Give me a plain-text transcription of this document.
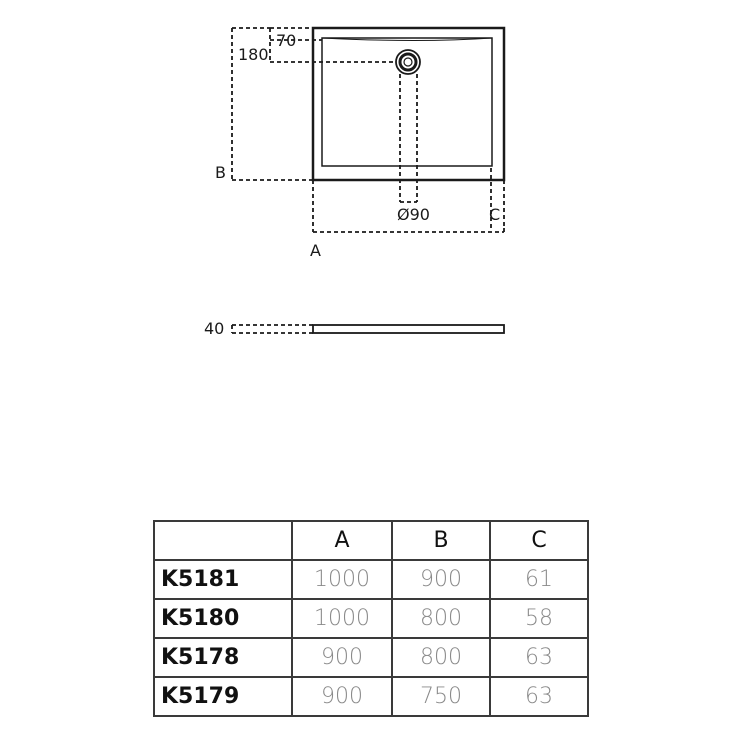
70
180
B
Ø90	C
A
40
	A	B	C
K5181	1000	900	61
K5180	1000	800	58
K5178	900	800	63
K5179	900	750	63
